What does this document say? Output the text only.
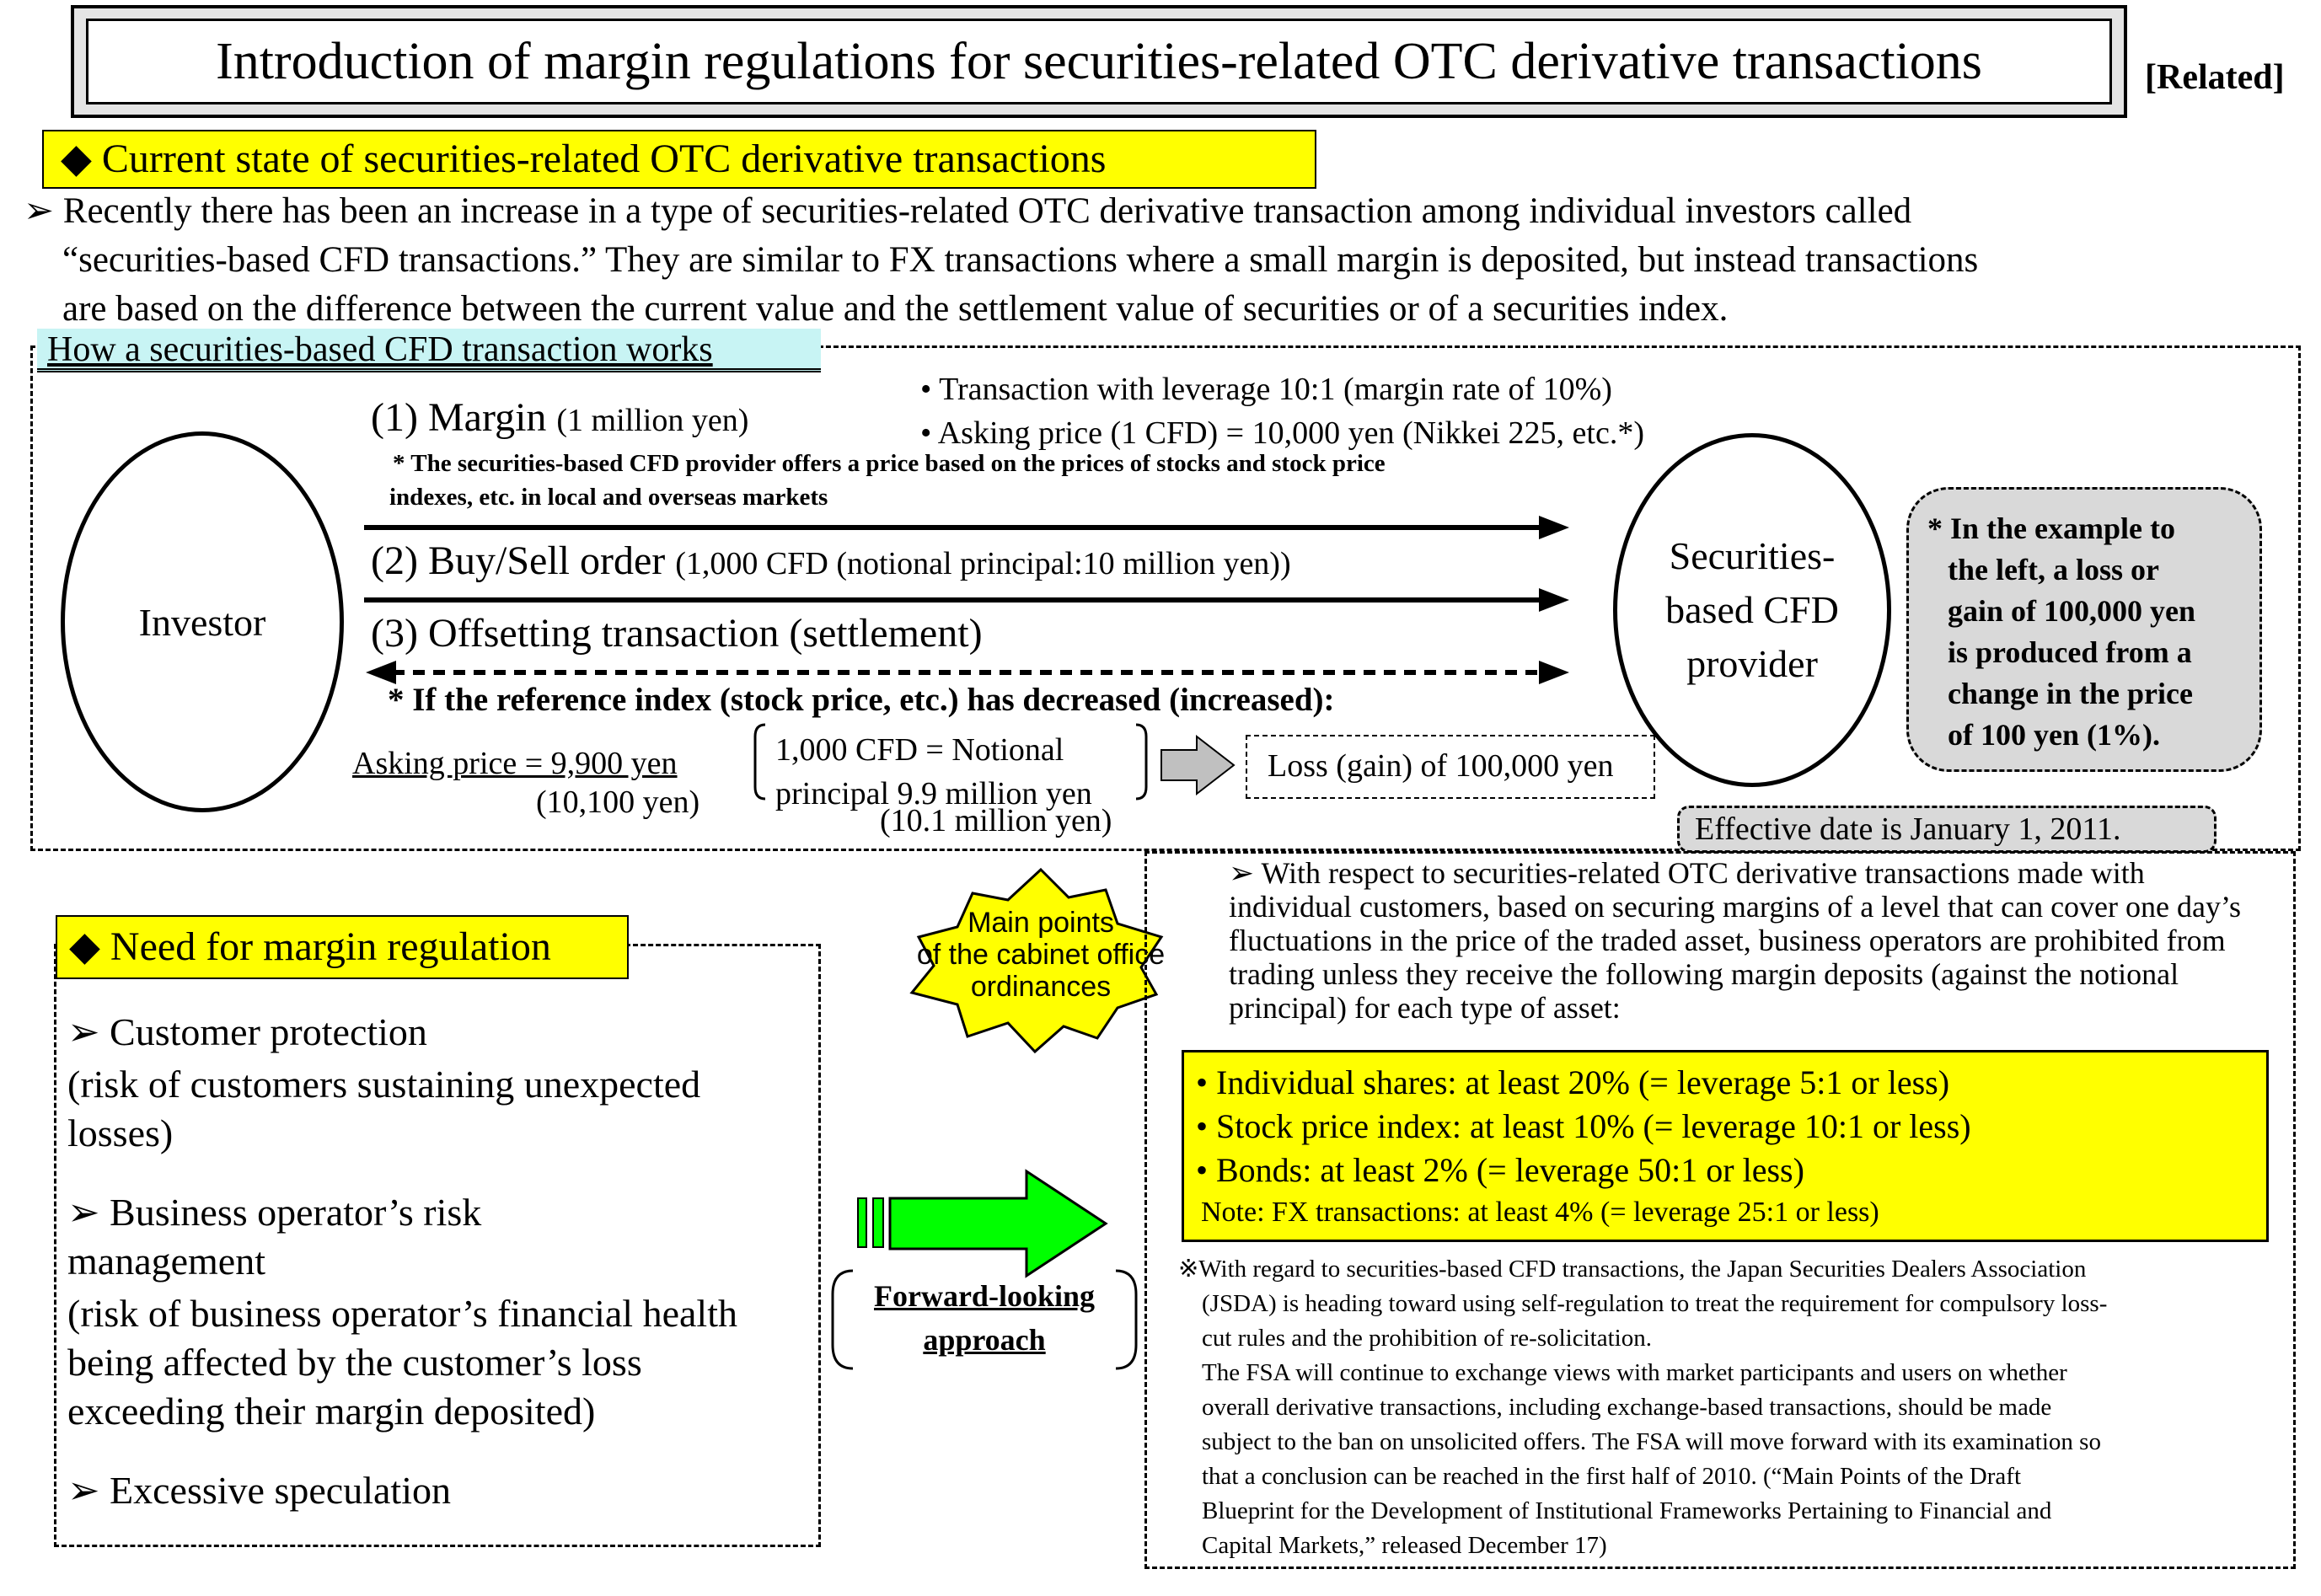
Introduction of margin regulations for securities-related OTC derivative transactions	[Related]
◆ Current state of securities-related OTC derivative transactions
➢ Recently there has been an increase in a type of securities-related OTC derivative transaction among individual investors called
“securities-based CFD transactions.” They are similar to FX transactions where a small margin is deposited, but instead transactions
are based on the difference between the current value and the settlement value of securities or of a securities index.
How a securities-based CFD transaction works
Investor
Securities-based CFD provider
(1) Margin (1 million yen)
• Transaction with leverage 10:1 (margin rate of 10%)
• Asking price (1 CFD) = 10,000 yen (Nikkei 225, etc.*)
* The securities-based CFD provider offers a price based on the prices of stocks and stock price
indexes, etc. in local and overseas markets
(2) Buy/Sell order (1,000 CFD (notional principal:10 million yen))
(3) Offsetting transaction (settlement)
* If the reference index (stock price, etc.) has decreased (increased):
Asking price = 9,900 yen
(10,100 yen)
1,000 CFD = Notional
principal 9.9 million yen
(10.1 million yen)
Loss (gain) of 100,000 yen
* In the example to
the left, a loss or
gain of 100,000 yen
is produced from a
change in the price
of 100 yen (1%).
Effective date is January 1, 2011.
Main points
of the cabinet office
ordinances
◆ Need for margin regulation

➢ Customer protection

(risk of customers sustaining unexpected

losses)

➢ Business operator’s risk

management

(risk of business operator’s financial health

being affected by the customer’s loss

exceeding their margin deposited)

➢ Excessive speculation

Forward-looking
approach
➢ With respect to securities-related OTC derivative transactions made with
individual customers, based on securing margins of a level that can cover one day’s
fluctuations in the price of the traded asset, business operators are prohibited from
trading unless they receive the following margin deposits (against the notional
principal) for each type of asset:
• Individual shares: at least 20% (= leverage 5:1 or less)
• Stock price index: at least 10% (= leverage 10:1 or less)
• Bonds: at least 2% (= leverage 50:1 or less)
Note: FX transactions: at least 4% (= leverage 25:1 or less)
※With regard to securities-based CFD transactions, the Japan Securities Dealers Association
(JSDA) is heading toward using self-regulation to treat the requirement for compulsory loss-
cut rules and the prohibition of re-solicitation.
The FSA will continue to exchange views with market participants and users on whether
overall derivative transactions, including exchange-based transactions, should be made
subject to the ban on unsolicited offers. The FSA will move forward with its examination so
that a conclusion can be reached in the first half of 2010. (“Main Points of the Draft
Blueprint for the Development of Institutional Frameworks Pertaining to Financial and
Capital Markets,” released December 17)
